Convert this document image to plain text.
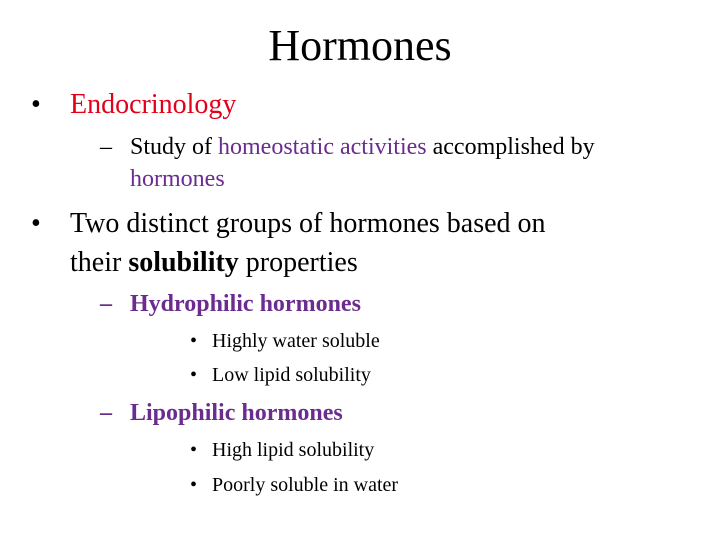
Hormones
• Endocrinology
– Study of homeostatic activities accomplished by
hormones
• Two distinct groups of hormones based on
their solubility properties
– Hydrophilic hormones
• Highly water soluble
• Low lipid solubility
– Lipophilic hormones
• High lipid solubility
• Poorly soluble in water
